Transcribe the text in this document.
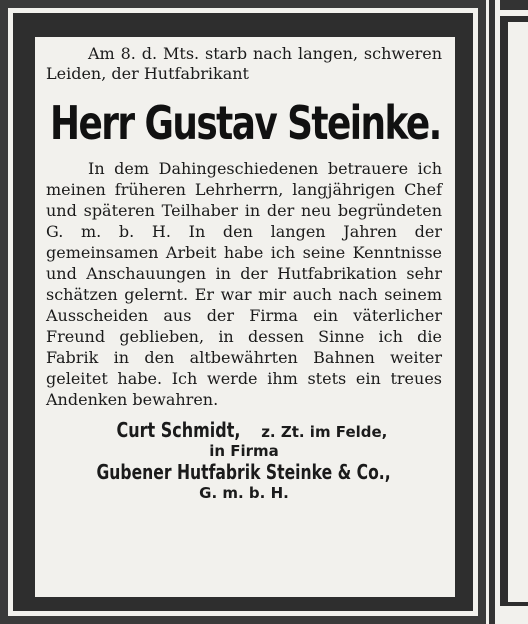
Am 8. d. Mts. starb nach langen, schweren Leiden, der Hutfabrikant

Herr Gustav Steinke.

In dem Dahingeschiedenen betrauere ich meinen früheren Lehrherrn, langjährigen Chef und späteren Teilhaber in der neu begründeten G. m. b. H. In den langen Jahren der gemeinsamen Arbeit habe ich seine Kenntnisse und Anschauungen in der Hutfabrikation sehr schätzen gelernt. Er war mir auch nach seinem Ausscheiden aus der Firma ein väterlicher Freund geblieben, in dessen Sinne ich die Fabrik in den altbewährten Bahnen weiter geleitet habe. Ich werde ihm stets ein treues Andenken bewahren.

Curt Schmidt, z. Zt. im Felde,

in Firma

Gubener Hutfabrik Steinke & Co.,

G. m. b. H.
